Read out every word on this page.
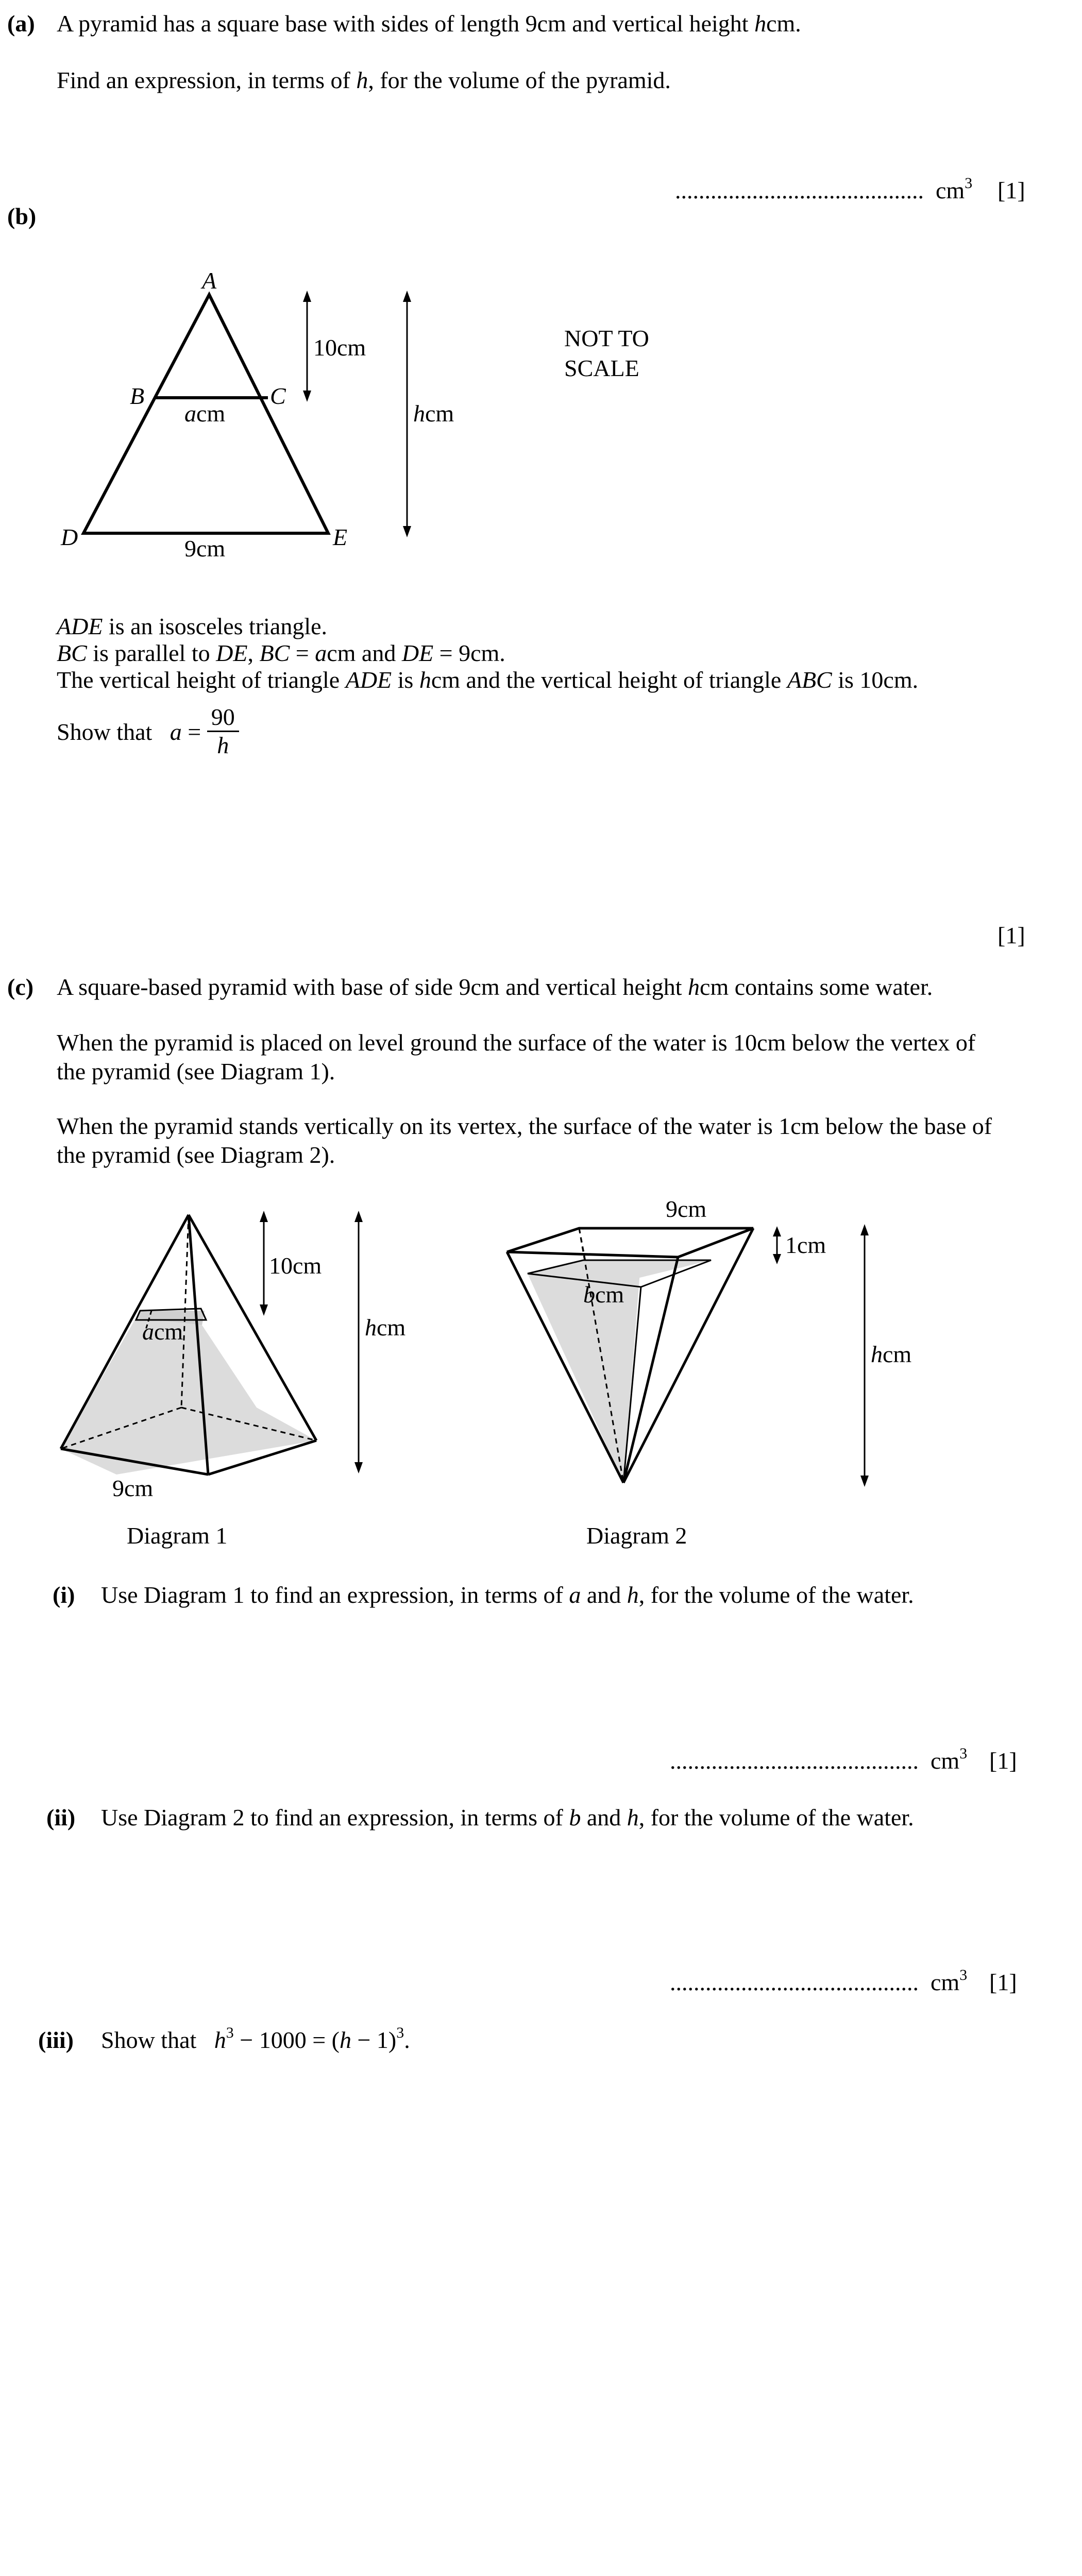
(a) A pyramid has a square base with sides of length 9cm and vertical height hcm.
Find an expression, in terms of h, for the volume of the pyramid.
.......................................... $cm^3$ [1]
(b)
A
B	C
D	E
acm
9cm
10cm
hcm
NOT TO
SCALE
ADE is an isosceles triangle.
BC is parallel to DE, BC = acm and DE = 9cm.
The vertical height of triangle ADE is hcm and the vertical height of triangle ABC is 10cm.
Show that $a = \frac{90}{h}$
[1]
(c) A square-based pyramid with base of side 9cm and vertical height hcm contains some water.
When the pyramid is placed on level ground the surface of the water is 10cm below the vertex of
the pyramid (see Diagram 1).
When the pyramid stands vertically on its vertex, the surface of the water is 1cm below the base of
the pyramid (see Diagram 2).
10cm
acm
9cm
hcm
Diagram 1
9cm
1cm
bcm
hcm
Diagram 2
(i) Use Diagram 1 to find an expression, in terms of a and h, for the volume of the water.
.......................................... $cm^3$ [1]
(ii) Use Diagram 2 to find an expression, in terms of b and h, for the volume of the water.
.......................................... $cm^3$ [1]
(iii) Show that $h^3 - 1000 = (h - 1)^3$.
